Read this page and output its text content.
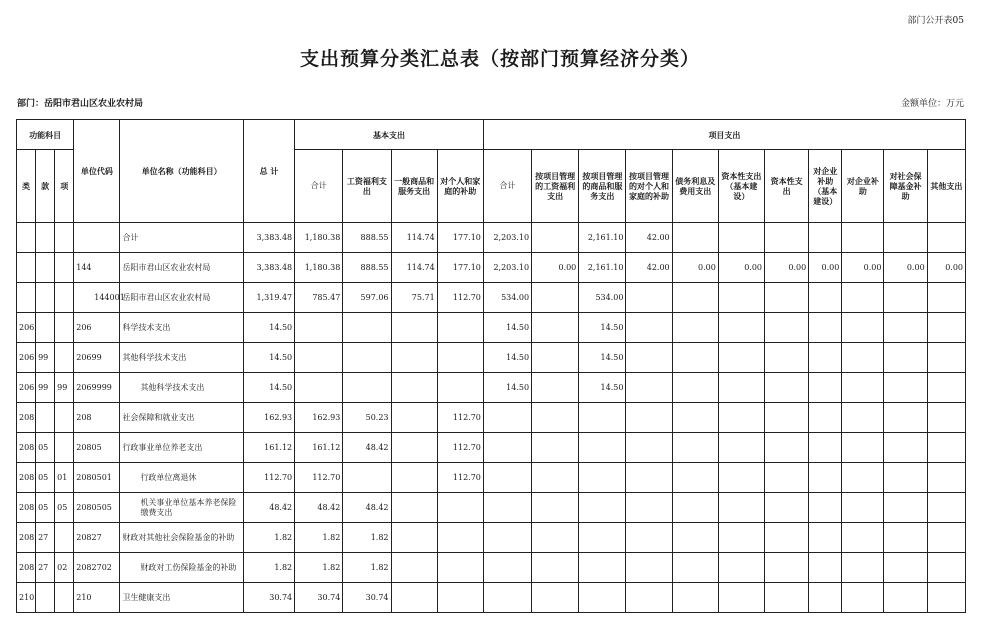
部门公开表05
支出预算分类汇总表（按部门预算经济分类）
部门：岳阳市君山区农业农村局	金额单位：万元
功能科目			单位代码	单位名称（功能科目）	总 计	基本支出				项目支出										
类	款	项				合计	工资福利支出	一般商品和服务支出	对个人和家庭的补助	合计	按项目管理的工资福利支出	按项目管理的商品和服务支出	按项目管理的对个人和家庭的补助	债务利息及费用支出	资本性支出（基本建设）	资本性支出	对企业补助（基本建设）	对企业补助	对社会保障基金补助	其他支出
				合计	3,383.48	1,180.38	888.55	114.74	177.10	2,203.10		2,161.10	42.00							
			144	岳阳市君山区农业农村局	3,383.48	1,180.38	888.55	114.74	177.10	2,203.10	0.00	2,161.10	42.00	0.00	0.00	0.00	0.00	0.00	0.00	0.00
			144001	岳阳市君山区农业农村局	1,319.47	785.47	597.06	75.71	112.70	534.00		534.00								
206			206	科学技术支出	14.50					14.50		14.50								
206	99		20699	其他科学技术支出	14.50					14.50		14.50								
206	99	99	2069999	其他科学技术支出	14.50					14.50		14.50								
208			208	社会保障和就业支出	162.93	162.93	50.23		112.70											
208	05		20805	行政事业单位养老支出	161.12	161.12	48.42		112.70											
208	05	01	2080501	行政单位离退休	112.70	112.70			112.70											
208	05	05	2080505	机关事业单位基本养老保险缴费支出	48.42	48.42	48.42													
208	27		20827	财政对其他社会保险基金的补助	1.82	1.82	1.82													
208	27	02	2082702	财政对工伤保险基金的补助	1.82	1.82	1.82													
210			210	卫生健康支出	30.74	30.74	30.74													
